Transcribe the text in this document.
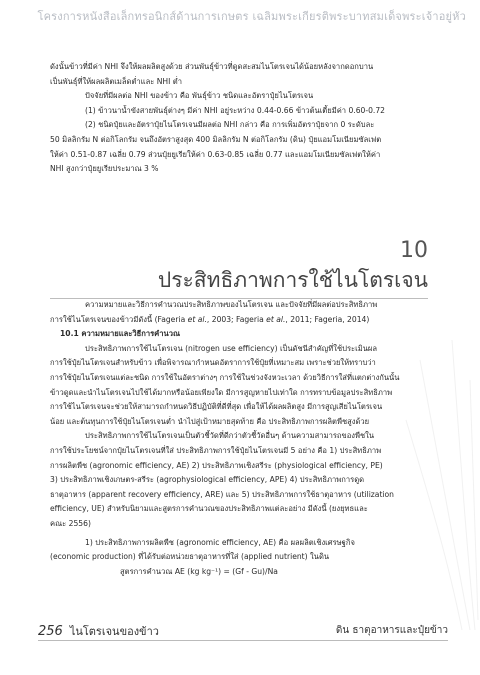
โครงการหนังสือเล็กทรอนิกส์ด้านการเกษตร เฉลิมพระเกียรติพระบาทสมเด็จพระเจ้าอยู่หัว

ดังนั้นข้าวที่มีค่า NHI จึงให้ผลผลิตสูงด้วย ส่วนพันธุ์ข้าวที่ดูดสะสมไนโตรเจนได้น้อยหลังจากดอกบาน

เป็นพันธุ์ที่ให้ผลผลิตเมล็ดต่ำและ NHI ต่ำ

ปัจจัยที่มีผลต่อ NHI ของข้าว คือ พันธุ์ข้าว ชนิดและอัตราปุ๋ยไนโตรเจน

(1) ข้าวนาน้ำขังสายพันธุ์ต่างๆ มีค่า NHI อยู่ระหว่าง 0.44-0.66 ข้าวต้นเตี้ยมีค่า 0.60-0.72

(2) ชนิดปุ๋ยและอัตราปุ๋ยไนโตรเจนมีผลต่อ NHI กล่าว คือ การเพิ่มอัตราปุ๋ยจาก 0 ระดับละ

50 มิลลิกรัม N ต่อกิโลกรัม จนถึงอัตราสูงสุด 400 มิลลิกรัม N ต่อกิโลกรัม (ดิน) ปุ๋ยแอมโมเนียมซัลเฟต

ให้ค่า 0.51-0.87 เฉลี่ย 0.79 ส่วนปุ๋ยยูเรียให้ค่า 0.63-0.85 เฉลี่ย 0.77 และแอมโมเนียมซัลเฟตให้ค่า

NHI สูงกว่าปุ๋ยยูเรียประมาณ 3 %

10
ประสิทธิภาพการใช้ไนโตรเจน

ความหมายและวิธีการคำนวณประสิทธิภาพของไนโตรเจน และปัจจัยที่มีผลต่อประสิทธิภาพ

การใช้ไนโตรเจนของข้าวมีดังนี้ (Fageria et al., 2003; Fageria et al., 2011; Fageria, 2014)

10.1 ความหมายและวิธีการคำนวณ

ประสิทธิภาพการใช้ไนโตรเจน (nitrogen use efficiency) เป็นดัชนีสำคัญที่ใช้ประเมินผล

การใช้ปุ๋ยไนโตรเจนสำหรับข้าว เพื่อพิจารณากำหนดอัตราการใช้ปุ๋ยที่เหมาะสม เพราะช่วยให้ทราบว่า

การใช้ปุ๋ยไนโตรเจนแต่ละชนิด การใช้ในอัตราต่างๆ การใช้ในช่วงจังหวะเวลา ด้วยวิธีการใส่ที่แตกต่างกันนั้น

ข้าวดูดและนำไนโตรเจนไปใช้ได้มากหรือน้อยเพียงใด มีการสูญหายไปเท่าใด การทราบข้อมูลประสิทธิภาพ

การใช้ไนโตรเจนจะช่วยให้สามารถกำหนดวิธีปฏิบัติที่ดีที่สุด เพื่อให้ได้ผลผลิตสูง มีการสูญเสียไนโตรเจน

น้อย และต้นทุนการใช้ปุ๋ยไนโตรเจนต่ำ นำไปสู่เป้าหมายสุดท้าย คือ ประสิทธิภาพการผลิตพืชสูงด้วย

ประสิทธิภาพการใช้ไนโตรเจนเป็นตัวชี้วัดที่ดีกว่าตัวชี้วัดอื่นๆ ด้านความสามารถของพืชใน

การใช้ประโยชน์จากปุ๋ยไนโตรเจนที่ใส่ ประสิทธิภาพการใช้ปุ๋ยไนโตรเจนมี 5 อย่าง คือ 1) ประสิทธิภาพ

การผลิตพืช (agronomic efficiency, AE) 2) ประสิทธิภาพเชิงสรีระ (physiological efficiency, PE)

3) ประสิทธิภาพเชิงเกษตร-สรีระ (agrophysiological efficiency, APE) 4) ประสิทธิภาพการดูด

ธาตุอาหาร (apparent recovery efficiency, ARE) และ 5) ประสิทธิภาพการใช้ธาตุอาหาร (utilization

efficiency, UE) สำหรับนิยามและสูตรการคำนวณของประสิทธิภาพแต่ละอย่าง มีดังนี้ (ยงยุทธและ

คณะ 2556)

1) ประสิทธิภาพการผลิตพืช (agronomic efficiency, AE) คือ ผลผลิตเชิงเศรษฐกิจ

(economic production) ที่ได้รับต่อหน่วยธาตุอาหารที่ใส่ (applied nutrient) ในดิน

สูตรการคำนวณ AE (kg kg⁻¹) = (Gf - Gu)/Na

256 ไนโตรเจนของข้าว	ดิน ธาตุอาหารและปุ๋ยข้าว
